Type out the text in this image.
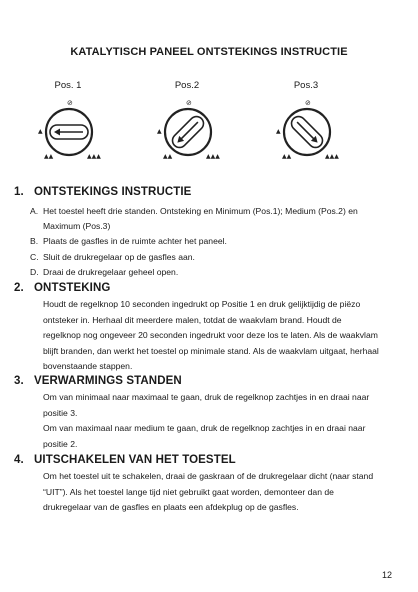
KATALYTISCH PANEEL ONTSTEKINGS INSTRUCTIE
Pos. 1	Pos.2	Pos.3
⊘
▲
▲▲	▲▲▲
⊘
▲
▲▲	▲▲▲
⊘
▲
▲▲	▲▲▲
1. ONTSTEKINGS INSTRUCTIE
A. Het toestel heeft drie standen. Ontsteking en Minimum (Pos.1); Medium (Pos.2) en
Maximum (Pos.3)
B. Plaats de gasfles in de ruimte achter het paneel.
C. Sluit de drukregelaar op de gasfles aan.
D. Draai de drukregelaar geheel open.
2. ONTSTEKING
Houdt de regelknop 10 seconden ingedrukt op Positie 1 en druk gelijktijdig de piëzo
ontsteker in. Herhaal dit meerdere malen, totdat de waakvlam brand. Houdt de
regelknop nog ongeveer 20 seconden ingedrukt voor deze los te laten. Als de waakvlam
blijft branden, dan werkt het toestel op minimale stand. Als de waakvlam uitgaat, herhaal
bovenstaande stappen.
3. VERWARMINGS STANDEN
Om van minimaal naar maximaal te gaan, druk de regelknop zachtjes in en draai naar
positie 3.
Om van maximaal naar medium te gaan, druk de regelknop zachtjes in en draai naar
positie 2.
4. UITSCHAKELEN VAN HET TOESTEL
Om het toestel uit te schakelen, draai de gaskraan of de drukregelaar dicht (naar stand
“UIT”). Als het toestel lange tijd niet gebruikt gaat worden, demonteer dan de
drukregelaar van de gasfles en plaats een afdekplug op de gasfles.
12
